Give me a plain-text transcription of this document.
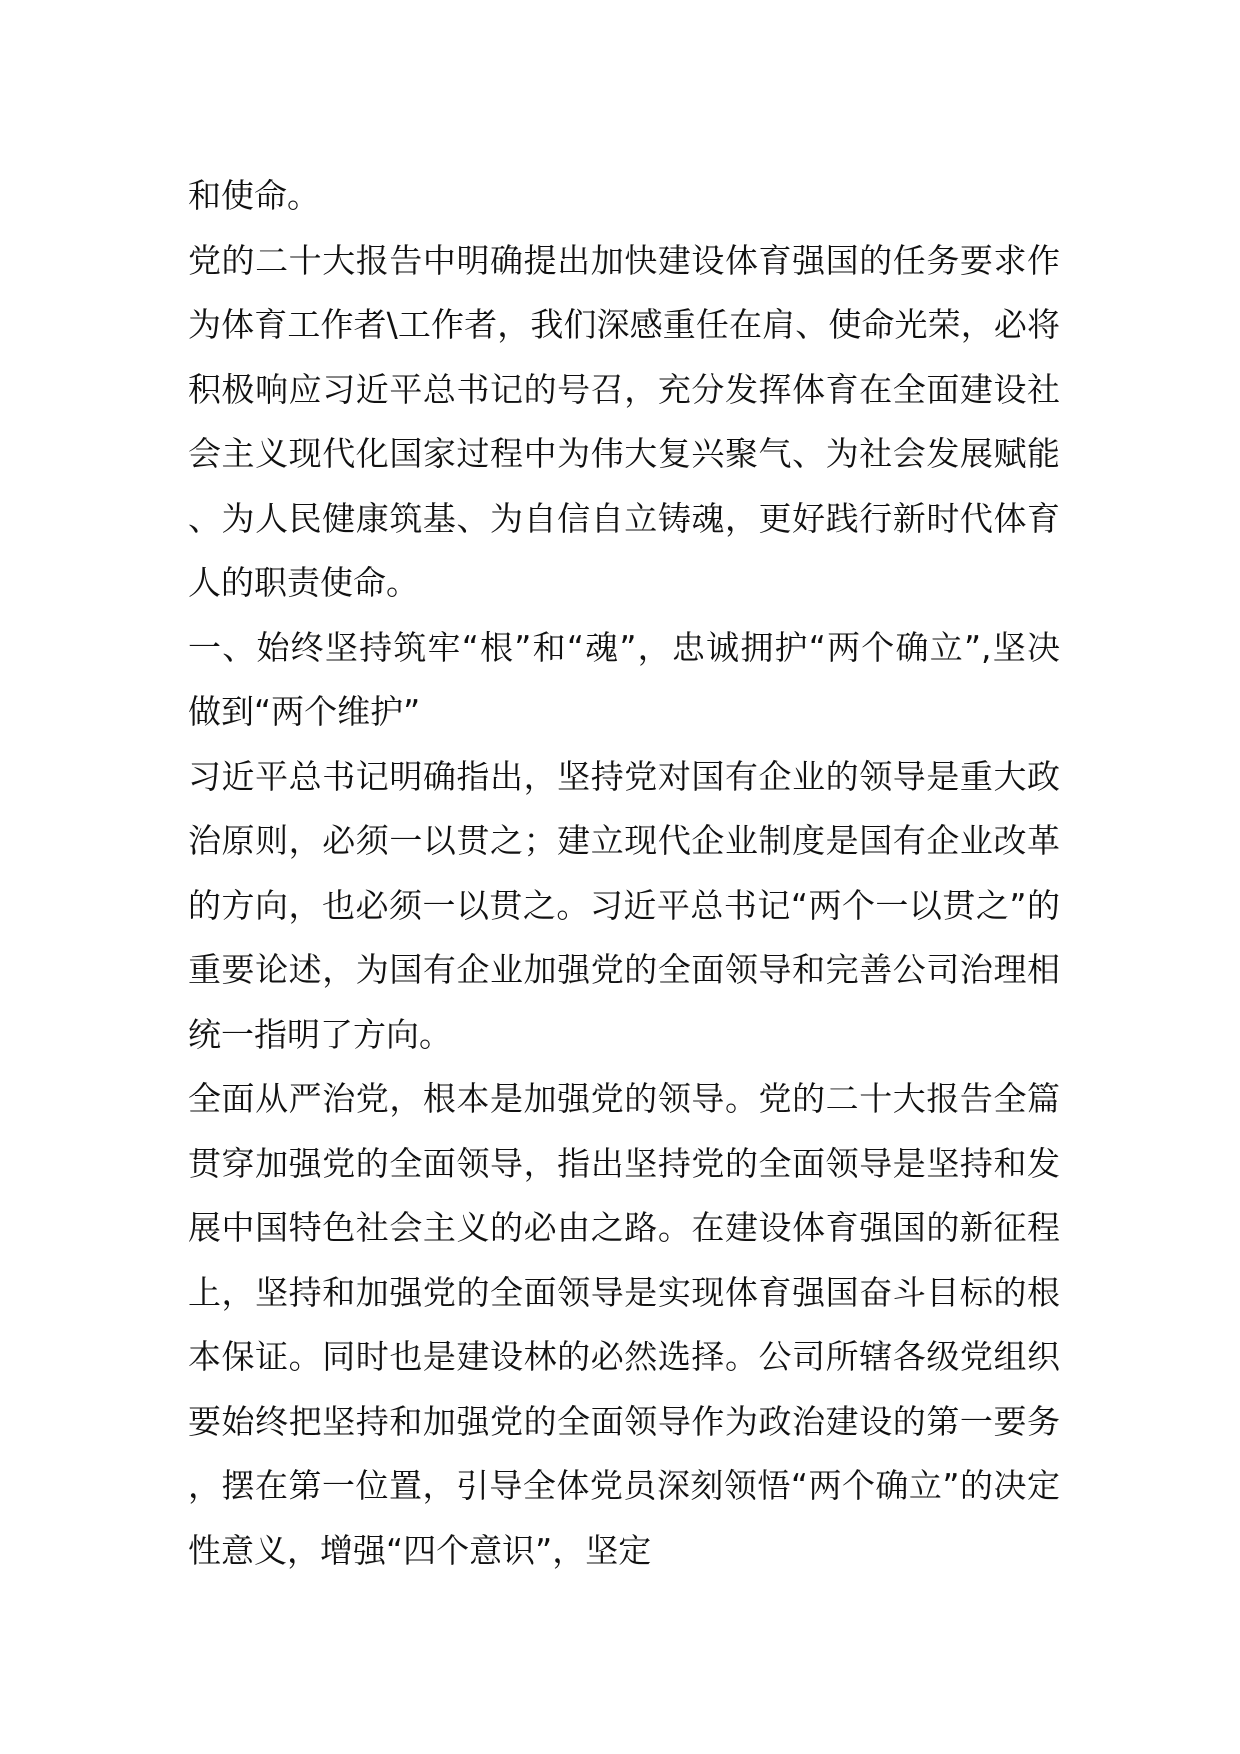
和使命。

党的二十大报告中明确提出加快建设体育强国的任务要求作为体育工作者\工作者，我们深感重任在肩、使命光荣，必将积极响应习近平总书记的号召，充分发挥体育在全面建设社会主义现代化国家过程中为伟大复兴聚气、为社会发展赋能、为人民健康筑基、为自信自立铸魂，更好践行新时代体育人的职责使命。

一、始终坚持筑牢“根”和“魂”，忠诚拥护“两个确立”,坚决做到“两个维护”

习近平总书记明确指出，坚持党对国有企业的领导是重大政治原则，必须一以贯之；建立现代企业制度是国有企业改革的方向，也必须一以贯之。习近平总书记“两个一以贯之”的重要论述，为国有企业加强党的全面领导和完善公司治理相统一指明了方向。

全面从严治党，根本是加强党的领导。党的二十大报告全篇贯穿加强党的全面领导，指出坚持党的全面领导是坚持和发展中国特色社会主义的必由之路。在建设体育强国的新征程上，坚持和加强党的全面领导是实现体育强国奋斗目标的根本保证。同时也是建设林的必然选择。公司所辖各级党组织要始终把坚持和加强党的全面领导作为政治建设的第一要务，摆在第一位置，引导全体党员深刻领悟“两个确立”的决定性意义，增强“四个意识”，坚定
